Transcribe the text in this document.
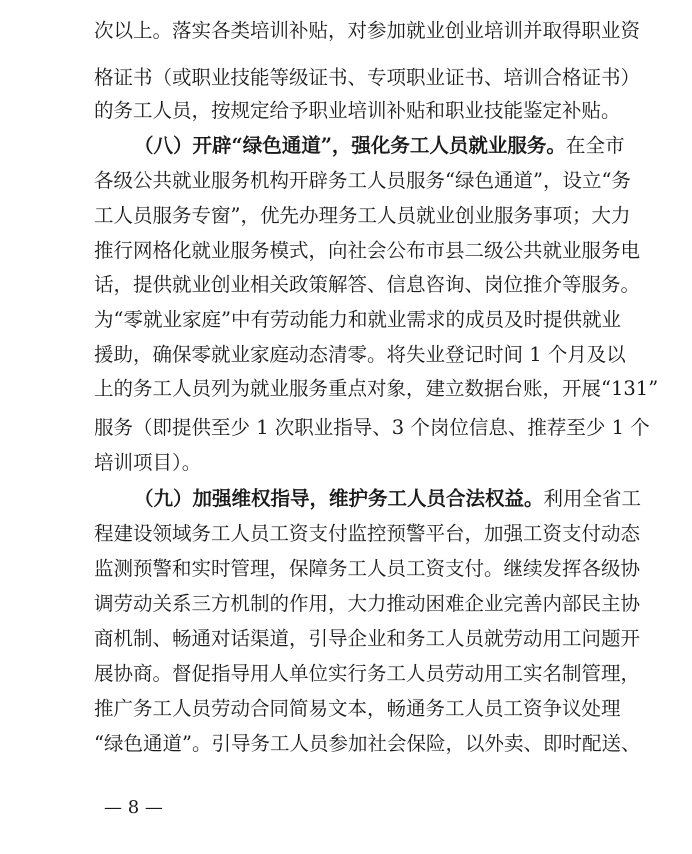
次以上。落实各类培训补贴，对参加就业创业培训并取得职业资
格证书（或职业技能等级证书、专项职业证书、培训合格证书）
的务工人员，按规定给予职业培训补贴和职业技能鉴定补贴。
（八）开辟“绿色通道”，强化务工人员就业服务。在全市
各级公共就业服务机构开辟务工人员服务“绿色通道”，设立“务
工人员服务专窗”，优先办理务工人员就业创业服务事项；大力
推行网格化就业服务模式，向社会公布市县二级公共就业服务电
话，提供就业创业相关政策解答、信息咨询、岗位推介等服务。
为“零就业家庭”中有劳动能力和就业需求的成员及时提供就业
援助，确保零就业家庭动态清零。将失业登记时间 1 个月及以
上的务工人员列为就业服务重点对象，建立数据台账，开展“131”
服务（即提供至少 1 次职业指导、3 个岗位信息、推荐至少 1 个
培训项目）。
（九）加强维权指导，维护务工人员合法权益。利用全省工
程建设领域务工人员工资支付监控预警平台，加强工资支付动态
监测预警和实时管理，保障务工人员工资支付。继续发挥各级协
调劳动关系三方机制的作用，大力推动困难企业完善内部民主协
商机制、畅通对话渠道，引导企业和务工人员就劳动用工问题开
展协商。督促指导用人单位实行务工人员劳动用工实名制管理，
推广务工人员劳动合同简易文本，畅通务工人员工资争议处理
“绿色通道”。引导务工人员参加社会保险，以外卖、即时配送、
— 8 —
